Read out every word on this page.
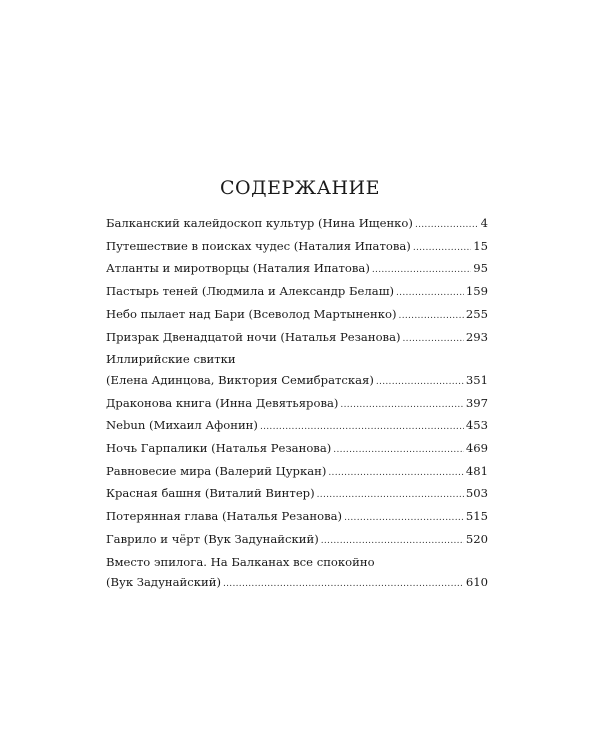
СОДЕРЖАНИЕ
Балканский калейдоскоп культур (Нина Ищенко) .....	4
Путешествие в поисках чудес (Наталия Ипатова) .....	15
Атланты и миротворцы (Наталия Ипатова) .....	95
Пастырь теней (Людмила и Александр Белаш) .....	159
Небо пылает над Бари (Всеволод Мартыненко) .....	255
Призрак Двенадцатой ночи (Наталья Резанова) .....	293
Иллирийские свитки
(Елена Адинцова, Виктория Семибратская) .....	351
Драконова книга (Инна Девятьярова) .....	397
Nebun (Михаил Афонин) .....	453
Ночь Гарпалики (Наталья Резанова) .....	469
Равновесие мира (Валерий Цуркан) .....	481
Красная башня (Виталий Винтер) .....	503
Потерянная глава (Наталья Резанова) .....	515
Гаврило и чёрт (Вук Задунайский) .....	520
Вместо эпилога. На Балканах все спокойно
(Вук Задунайский) .....	610
